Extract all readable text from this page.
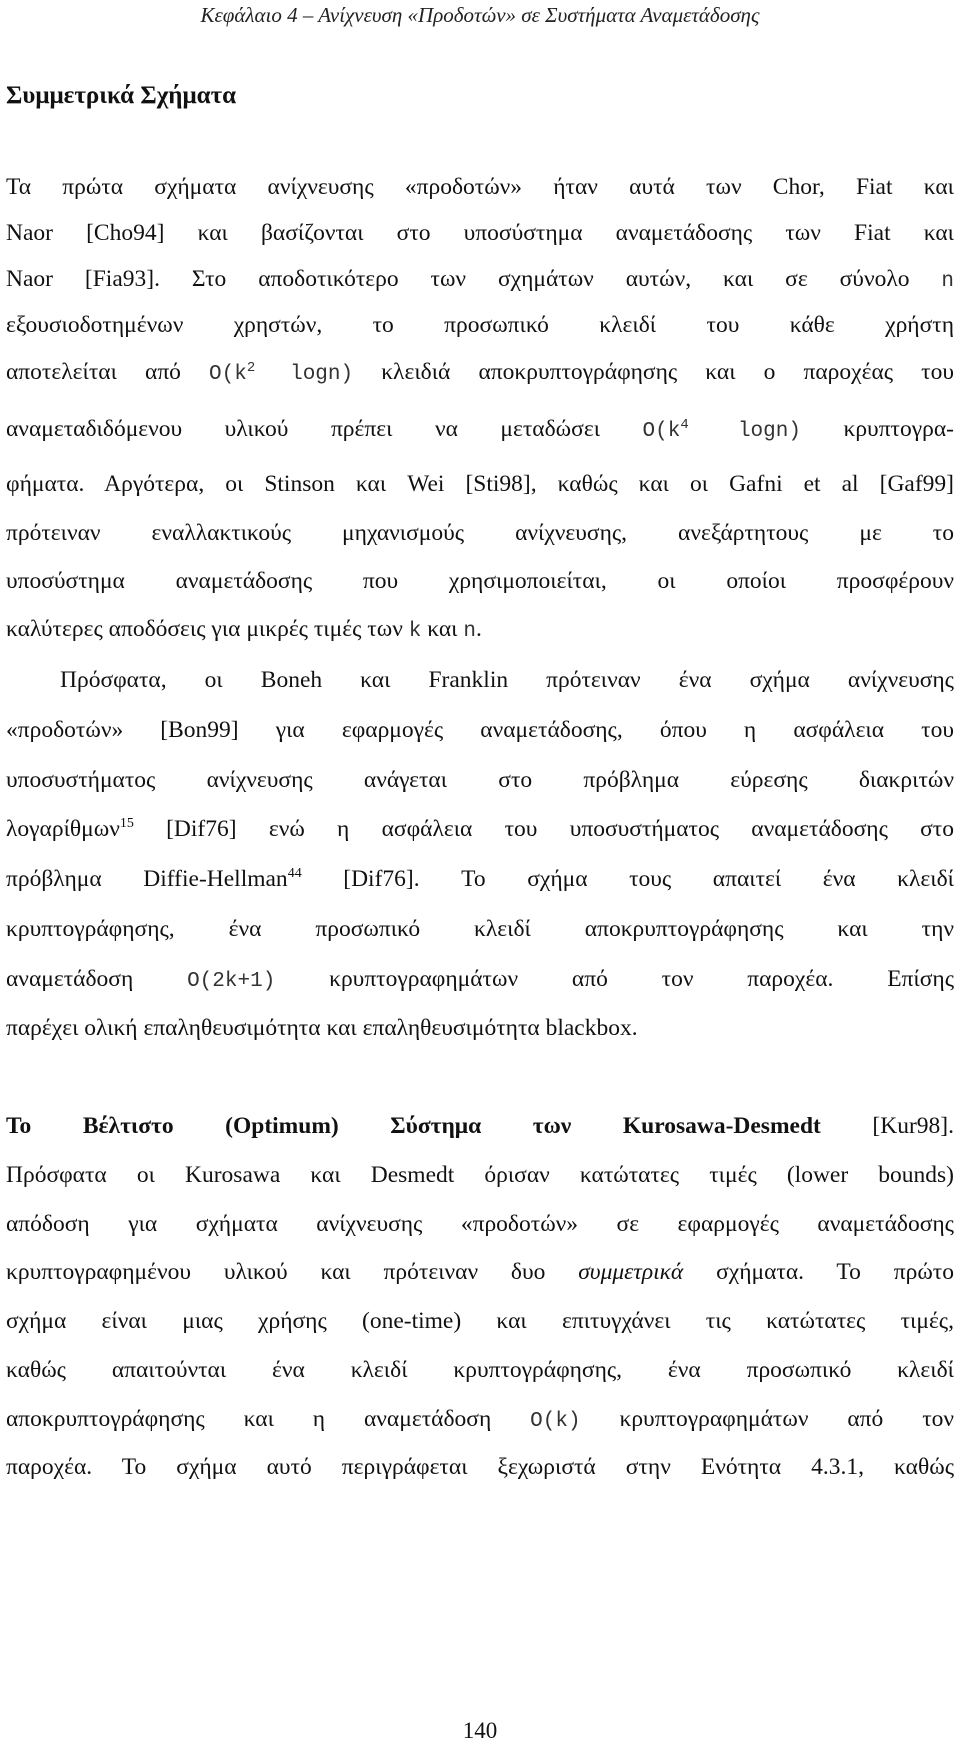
Κεφάλαιο 4 – Ανίχνευση «Προδοτών» σε Συστήματα Αναμετάδοσης
Συμμετρικά Σχήματα
Τα πρώτα σχήματα ανίχνευσης «προδοτών» ήταν αυτά των Chor, Fiat και
Naor [Cho94] και βασίζονται στο υποσύστημα αναμετάδοσης των Fiat και
Naor [Fia93]. Στο αποδοτικότερο των σχημάτων αυτών, και σε σύνολο n
εξουσιοδοτημένων χρηστών, το προσωπικό κλειδί του κάθε χρήστη
αποτελείται από $O(k^2$ logn) κλειδιά αποκρυπτογράφησης και ο παροχέας του
αναμεταδιδόμενου υλικού πρέπει να μεταδώσει $O(k^4$ logn) κρυπτογρα-
φήματα. Αργότερα, οι Stinson και Wei [Sti98], καθώς και οι Gafni et al [Gaf99]
πρότειναν εναλλακτικούς μηχανισμούς ανίχνευσης, ανεξάρτητους με το
υποσύστημα αναμετάδοσης που χρησιμοποιείται, οι οποίοι προσφέρουν
καλύτερες αποδόσεις για μικρές τιμές των k και n.
Πρόσφατα, οι Boneh και Franklin πρότειναν ένα σχήμα ανίχνευσης
«προδοτών» [Bon99] για εφαρμογές αναμετάδοσης, όπου η ασφάλεια του
υποσυστήματος ανίχνευσης ανάγεται στο πρόβλημα εύρεσης διακριτών
λογαρίθμων$^{15}$ [Dif76] ενώ η ασφάλεια του υποσυστήματος αναμετάδοσης στο
πρόβλημα Diffie-Hellman$^{44}$ [Dif76]. Το σχήμα τους απαιτεί ένα κλειδί
κρυπτογράφησης, ένα προσωπικό κλειδί αποκρυπτογράφησης και την
αναμετάδοση	O(2k+1) κρυπτογραφημάτων από τον παροχέα. Επίσης
παρέχει ολική επαληθευσιμότητα και επαληθευσιμότητα blackbox.
Το Βέλτιστο (Optimum) Σύστημα των Kurosawa-Desmedt [Kur98].
Πρόσφατα οι Kurosawa και Desmedt όρισαν κατώτατες τιμές (lower bounds)
απόδοση για σχήματα ανίχνευσης «προδοτών» σε εφαρμογές αναμετάδοσης
κρυπτογραφημένου υλικού και πρότειναν δυο συμμετρικά σχήματα. Το πρώτο
σχήμα είναι μιας χρήσης (one-time) και επιτυγχάνει τις κατώτατες τιμές,
καθώς απαιτούνται ένα κλειδί κρυπτογράφησης, ένα προσωπικό κλειδί
αποκρυπτογράφησης και η αναμετάδοση O(k) κρυπτογραφημάτων από τον
παροχέα. Το σχήμα αυτό περιγράφεται ξεχωριστά στην Ενότητα 4.3.1, καθώς
140
